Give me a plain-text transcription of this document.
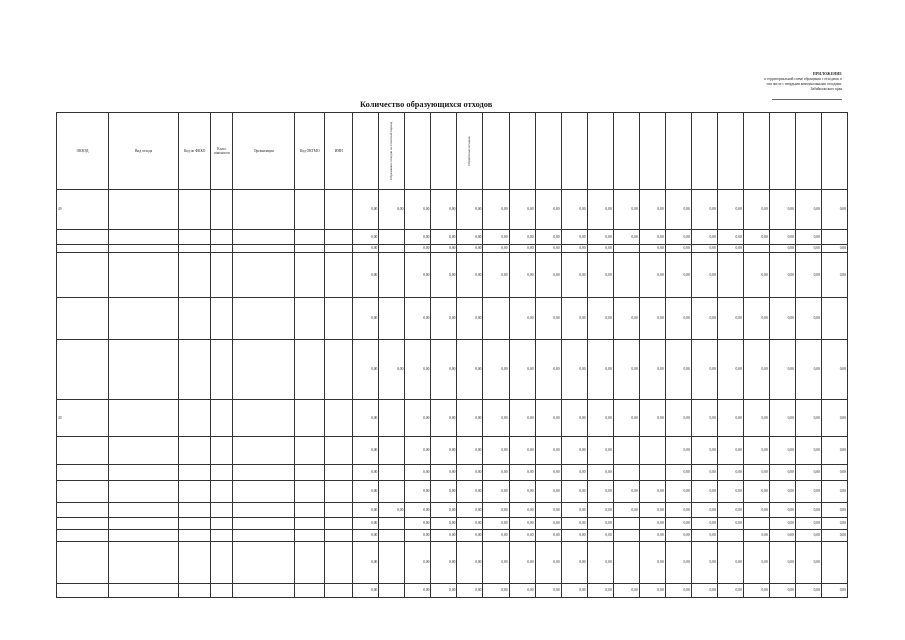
ПРИЛОЖЕНИЕ
к территориальной схеме обращения с отходами, в
том числе с твердыми коммунальными отходами,
Забайкальского края
Количество образующихся отходов
ОКВЭД	Вид отхода	Код по ФККО	Класс опасности	Организация	Код ОКТМО	ИНН		Образовано отходов за отчетный период			Обработано отходов														

49							0,00	0,00	0,00	0,00	0,00	0,00	0,00	0,00	0,00	0,00	0,00	0,00	0,00	0,00	0,00	0,00	0,00	0,00	0,00
							0,00		0,00	0,00	0,00	0,00	0,00	0,00	0,00	0,00	0,00	0,00	0,00	0,00	0,00	0,00	0,00	0,00	
							0,00		0,00	0,00	0,00	0,00	0,00	0,00	0,00	0,00		0,00	0,00	0,00	0,00		0,00	0,00	0,00
							0,00		0,00	0,00	0,00	0,00	0,00	0,00	0,00	0,00		0,00	0,00	0,00		0,00	0,00	0,00	0,00
							0,00		0,00	0,00	0,00		0,00	0,00	0,00	0,00	0,00	0,00	0,00	0,00	0,00	0,00	0,00	0,00	
							0,00	0,00	0,00	0,00	0,00	0,00	0,00	0,00	0,00	0,00	0,00	0,00	0,00	0,00	0,00	0,00	0,00	0,00	0,00
49							0,00		0,00	0,00	0,00	0,00	0,00	0,00	0,00	0,00	0,00	0,00	0,00	0,00	0,00	0,00	0,00	0,00	0,00
							0,00		0,00	0,00	0,00	0,00	0,00	0,00	0,00	0,00			0,00	0,00	0,00	0,00	0,00	0,00	0,00
							0,00		0,00	0,00	0,00	0,00	0,00	0,00	0,00	0,00			0,00	0,00	0,00	0,00	0,00	0,00	0,00
							0,00		0,00	0,00	0,00	0,00	0,00	0,00	0,00	0,00	0,00	0,00	0,00	0,00	0,00	0,00	0,00	0,00	0,00
							0,00	0,00	0,00	0,00	0,00	0,00	0,00	0,00	0,00	0,00	0,00	0,00	0,00	0,00	0,00	0,00	0,00	0,00	0,00
							0,00		0,00	0,00	0,00	0,00	0,00	0,00	0,00	0,00		0,00	0,00	0,00	0,00		0,00	0,00	0,00
							0,00		0,00	0,00	0,00	0,00	0,00	0,00	0,00	0,00		0,00	0,00	0,00		0,00	0,00	0,00	0,00
							0,00		0,00	0,00	0,00	0,00	0,00	0,00	0,00	0,00		0,00	0,00	0,00	0,00	0,00	0,00	0,00	
							0,00		0,00	0,00	0,00	0,00	0,00	0,00	0,00	0,00	0,00	0,00	0,00	0,00	0,00	0,00	0,00	0,00	0,00
